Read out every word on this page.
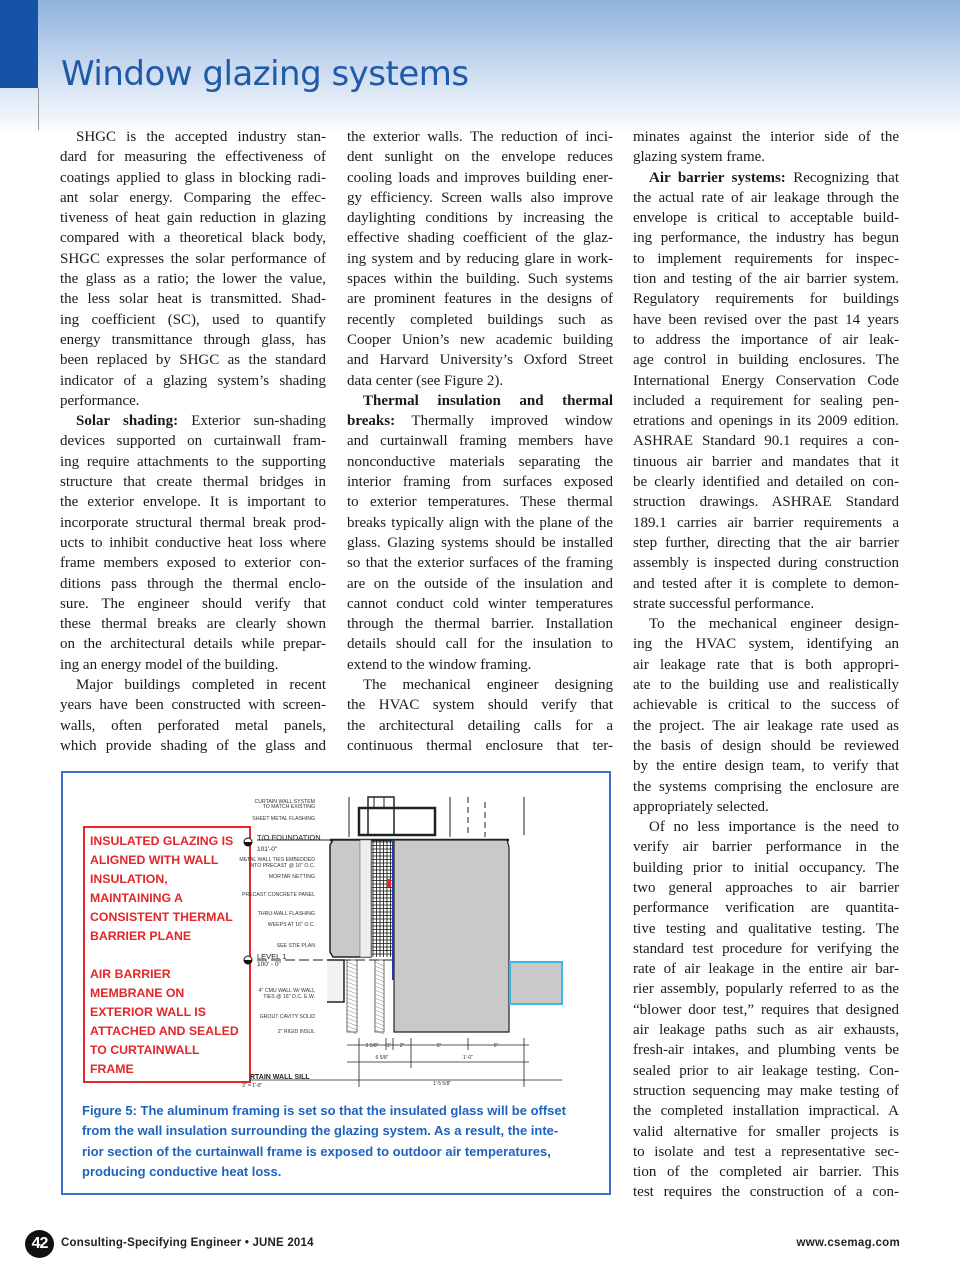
Window glazing systems
SHGC is the accepted industry stan-
dard for measuring the effectiveness of
coatings applied to glass in blocking radi-
ant solar energy. Comparing the effec-
tiveness of heat gain reduction in glazing
compared with a theoretical black body,
SHGC expresses the solar performance of
the glass as a ratio; the lower the value,
the less solar heat is transmitted. Shad-
ing coefficient (SC), used to quantify
energy transmittance through glass, has
been replaced by SHGC as the standard
indicator of a glazing system’s shading
performance.
Solar shading: Exterior sun-shading
devices supported on curtainwall fram-
ing require attachments to the supporting
structure that create thermal bridges in
the exterior envelope. It is important to
incorporate structural thermal break prod-
ucts to inhibit conductive heat loss where
frame members exposed to exterior con-
ditions pass through the thermal enclo-
sure. The engineer should verify that
these thermal breaks are clearly shown
on the architectural details while prepar-
ing an energy model of the building.
Major buildings completed in recent
years have been constructed with screen-
walls, often perforated metal panels,
which provide shading of the glass and
the exterior walls. The reduction of inci-
dent sunlight on the envelope reduces
cooling loads and improves building ener-
gy efficiency. Screen walls also improve
daylighting conditions by increasing the
effective shading coefficient of the glaz-
ing system and by reducing glare in work-
spaces within the building. Such systems
are prominent features in the designs of
recently completed buildings such as
Cooper Union’s new academic building
and Harvard University’s Oxford Street
data center (see Figure 2).
Thermal insulation and thermal
breaks: Thermally improved window
and curtainwall framing members have
nonconductive materials separating the
interior framing from surfaces exposed
to exterior temperatures. These thermal
breaks typically align with the plane of the
glass. Glazing systems should be installed
so that the exterior surfaces of the framing
are on the outside of the insulation and
cannot conduct cold winter temperatures
through the thermal barrier. Installation
details should call for the insulation to
extend to the window framing.
The mechanical engineer designing
the HVAC system should verify that
the architectural detailing calls for a
continuous thermal enclosure that ter-
minates against the interior side of the
glazing system frame.
Air barrier systems: Recognizing that
the actual rate of air leakage through the
envelope is critical to acceptable build-
ing performance, the industry has begun
to implement requirements for inspec-
tion and testing of the air barrier system.
Regulatory requirements for buildings
have been revised over the past 14 years
to address the importance of air leak-
age control in building enclosures. The
International Energy Conservation Code
included a requirement for sealing pen-
etrations and openings in its 2009 edition.
ASHRAE Standard 90.1 requires a con-
tinuous air barrier and mandates that it
be clearly identified and detailed on con-
struction drawings. ASHRAE Standard
189.1 carries air barrier requirements a
step further, directing that the air barrier
assembly is inspected during construction
and tested after it is complete to demon-
strate successful performance.
To the mechanical engineer design-
ing the HVAC system, identifying an
air leakage rate that is both appropri-
ate to the building use and realistically
achievable is critical to the success of
the project. The air leakage rate used as
the basis of design should be reviewed
by the entire design team, to verify that
the systems comprising the enclosure are
appropriately selected.
Of no less importance is the need to
verify air barrier performance in the
building prior to initial occupancy. The
two general approaches to air barrier
performance verification are quantita-
tive testing and qualitative testing. The
standard test procedure for verifying the
rate of air leakage in the entire air bar-
rier assembly, popularly referred to as the
“blower door test,” requires that designed
air leakage paths such as air exhausts,
fresh-air intakes, and plumbing vents be
sealed prior to air leakage testing. Con-
struction sequencing may make testing of
the completed installation impractical. A
valid alternative for smaller projects is
to isolate and test a representative sec-
tion of the completed air barrier. This
test requires the construction of a con-
INSULATED GLAZING IS
ALIGNED WITH WALL
INSULATION,
MAINTAINING A
CONSISTENT THERMAL
BARRIER PLANE
AIR BARRIER
MEMBRANE ON
EXTERIOR WALL IS
ATTACHED AND SEALED
TO CURTAINWALL
FRAME
CURTAIN WALL SYSTEM
TO MATCH EXISTING
SHEET METAL FLASHING
METAL WALL TIES EMBEDDED
INTO PRECAST @ 16" O.C.
MORTAR NETTING
PRECAST CONCRETE PANEL
THRU-WALL FLASHING
WEEPS AT 16" O.C.
SEE STIE PLAN
4" CMU WALL W/ WALL
TIES @ 16" O.C. E.W.
GROUT CAVITY SOLID
2" RIGID INSUL
T/O FOUNDATION
101'-0"
LEVEL 1
100' - 0"
RTAIN WALL SILL
3" = 1'-0"
3 5/8" 1" 2"	6"	6"
6 5/8"	1'-0"
1'-5 5/8"
Figure 5: The aluminum framing is set so that the insulated glass will be offset
from the wall insulation surrounding the glazing system. As a result, the inte-
rior section of the curtainwall frame is exposed to outdoor air temperatures,
producing conductive heat loss.
42	Consulting-Specifying Engineer • JUNE 2014	www.csemag.com
